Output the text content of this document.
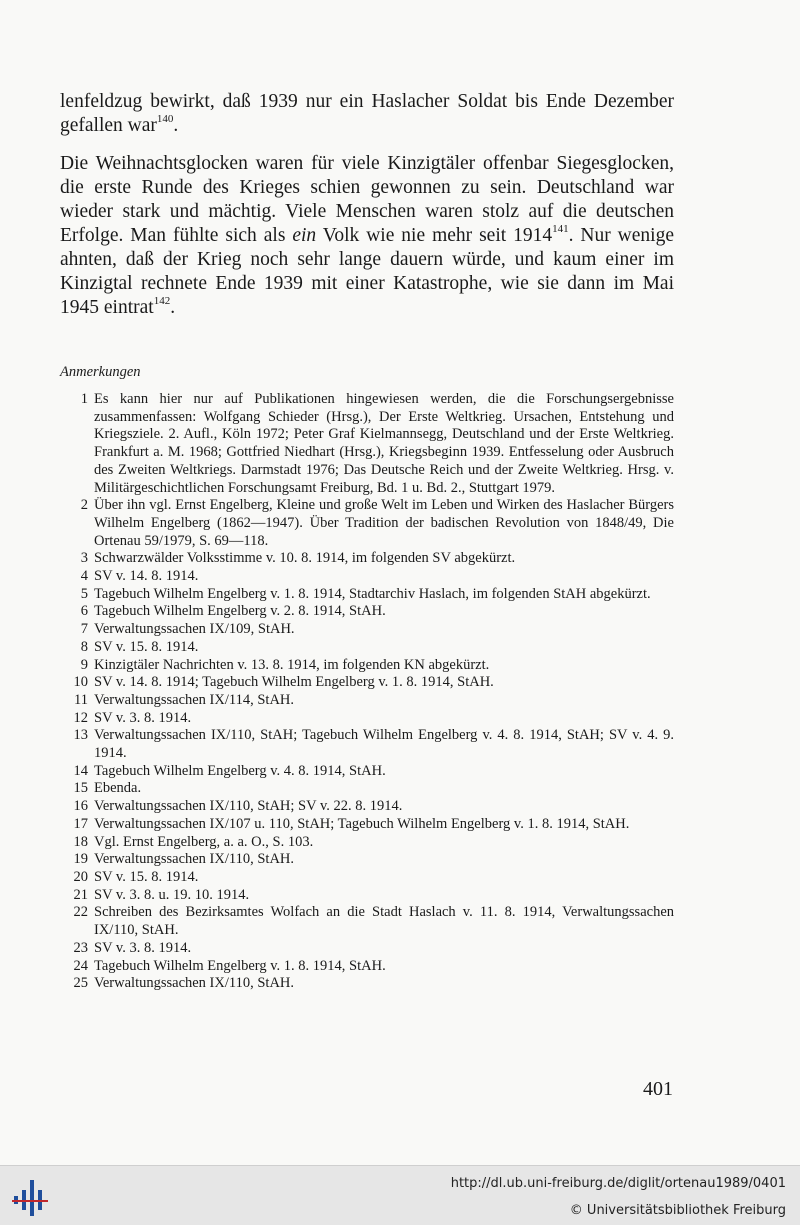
lenfeldzug bewirkt, daß 1939 nur ein Haslacher Soldat bis Ende Dezember gefallen war$^{140}$.

Die Weihnachtsglocken waren für viele Kinzigtäler offenbar Siegesglocken, die erste Runde des Krieges schien gewonnen zu sein. Deutschland war wieder stark und mächtig. Viele Menschen waren stolz auf die deutschen Erfolge. Man fühlte sich als ein Volk wie nie mehr seit 1914$^{141}$. Nur wenige ahnten, daß der Krieg noch sehr lange dauern würde, und kaum einer im Kinzigtal rechnete Ende 1939 mit einer Katastrophe, wie sie dann im Mai 1945 eintrat$^{142}$.

Anmerkungen
1 Es kann hier nur auf Publikationen hingewiesen werden, die die Forschungsergebnisse zusammenfassen: Wolfgang Schieder (Hrsg.), Der Erste Weltkrieg. Ursachen, Entstehung und Kriegsziele. 2. Aufl., Köln 1972; Peter Graf Kielmannsegg, Deutschland und der Erste Weltkrieg. Frankfurt a. M. 1968; Gottfried Niedhart (Hrsg.), Kriegsbeginn 1939. Entfesselung oder Ausbruch des Zweiten Weltkriegs. Darmstadt 1976; Das Deutsche Reich und der Zweite Weltkrieg. Hrsg. v. Militärgeschichtlichen Forschungsamt Freiburg, Bd. 1 u. Bd. 2., Stuttgart 1979.
2 Über ihn vgl. Ernst Engelberg, Kleine und große Welt im Leben und Wirken des Haslacher Bürgers Wilhelm Engelberg (1862—1947). Über Tradition der badischen Revolution von 1848/49, Die Ortenau 59/1979, S. 69—118.
3 Schwarzwälder Volksstimme v. 10. 8. 1914, im folgenden SV abgekürzt.
4 SV v. 14. 8. 1914.
5 Tagebuch Wilhelm Engelberg v. 1. 8. 1914, Stadtarchiv Haslach, im folgenden StAH abgekürzt.
6 Tagebuch Wilhelm Engelberg v. 2. 8. 1914, StAH.
7 Verwaltungssachen IX/109, StAH.
8 SV v. 15. 8. 1914.
9 Kinzigtäler Nachrichten v. 13. 8. 1914, im folgenden KN abgekürzt.
10 SV v. 14. 8. 1914; Tagebuch Wilhelm Engelberg v. 1. 8. 1914, StAH.
11 Verwaltungssachen IX/114, StAH.
12 SV v. 3. 8. 1914.
13 Verwaltungssachen IX/110, StAH; Tagebuch Wilhelm Engelberg v. 4. 8. 1914, StAH; SV v. 4. 9. 1914.
14 Tagebuch Wilhelm Engelberg v. 4. 8. 1914, StAH.
15 Ebenda.
16 Verwaltungssachen IX/110, StAH; SV v. 22. 8. 1914.
17 Verwaltungssachen IX/107 u. 110, StAH; Tagebuch Wilhelm Engelberg v. 1. 8. 1914, StAH.
18 Vgl. Ernst Engelberg, a. a. O., S. 103.
19 Verwaltungssachen IX/110, StAH.
20 SV v. 15. 8. 1914.
21 SV v. 3. 8. u. 19. 10. 1914.
22 Schreiben des Bezirksamtes Wolfach an die Stadt Haslach v. 11. 8. 1914, Verwaltungssachen IX/110, StAH.
23 SV v. 3. 8. 1914.
24 Tagebuch Wilhelm Engelberg v. 1. 8. 1914, StAH.
25 Verwaltungssachen IX/110, StAH.
401
http://dl.ub.uni-freiburg.de/diglit/ortenau1989/0401
© Universitätsbibliothek Freiburg
